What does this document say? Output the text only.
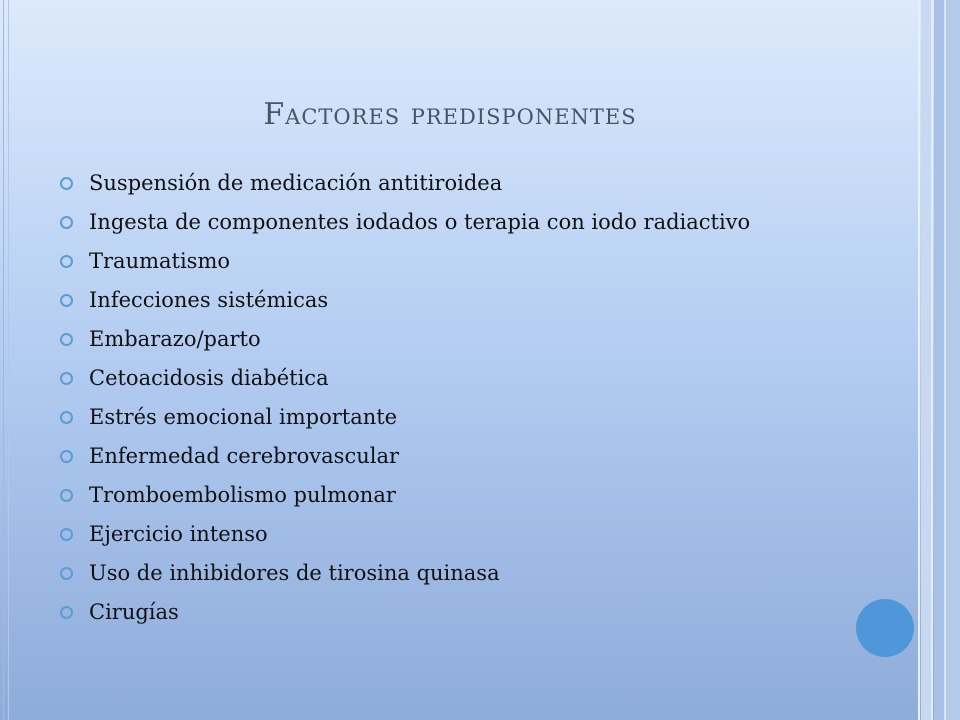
Factores predisponentes
Suspensión de medicación antitiroidea
Ingesta de componentes iodados o terapia con iodo radiactivo
Traumatismo
Infecciones sistémicas
Embarazo/parto
Cetoacidosis diabética
Estrés emocional importante
Enfermedad cerebrovascular
Tromboembolismo pulmonar
Ejercicio intenso
Uso de inhibidores de tirosina quinasa
Cirugías
